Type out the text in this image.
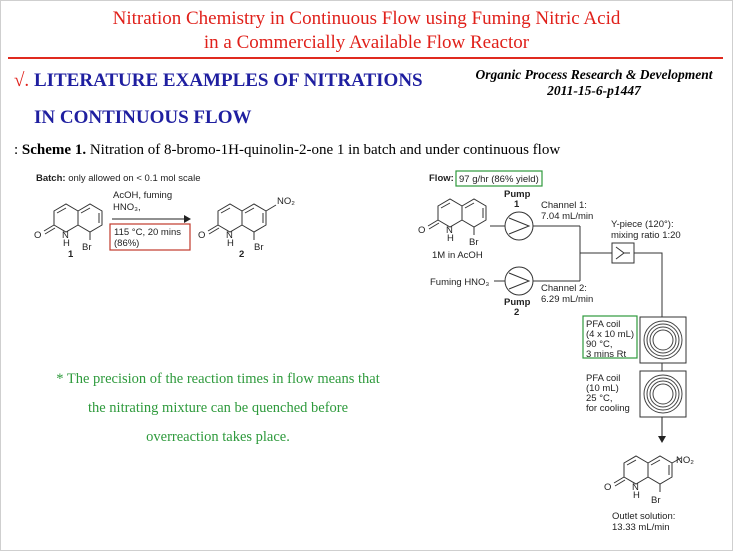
Nitration Chemistry in Continuous Flow using Fuming Nitric Acid
in a Commercially Available Flow Reactor
√. LITERATURE EXAMPLES OF NITRATIONS
IN CONTINUOUS FLOW
Organic Process Research & Development
2011-15-6-p1447
: Scheme 1. Nitration of 8-bromo-1H-quinolin-2-one 1 in batch and under continuous flow
* The precision of the reaction times in flow means that
the nitrating mixture can be quenched before
overreaction takes place.
Batch: only allowed on < 0.1 mol scale
O N
H Br
1
AcOH, fuming
HNO₃,
115 °C, 20 mins
(86%)
O N
H Br
NO₂
2
Flow: 97 g/hr (86% yield)
O N
H Br
1M in AcOH
Pump
1 Channel 1:
7.04 mL/min
Fuming HNO₃
Pump
2
Channel 2:
6.29 mL/min
Y-piece (120°):
mixing ratio 1:20
PFA coil
(4 x 10 mL)
90 °C,
3 mins Rt
PFA coil
(10 mL)
25 °C,
for cooling
O N
H Br
NO₂
Outlet solution:
13.33 mL/min
